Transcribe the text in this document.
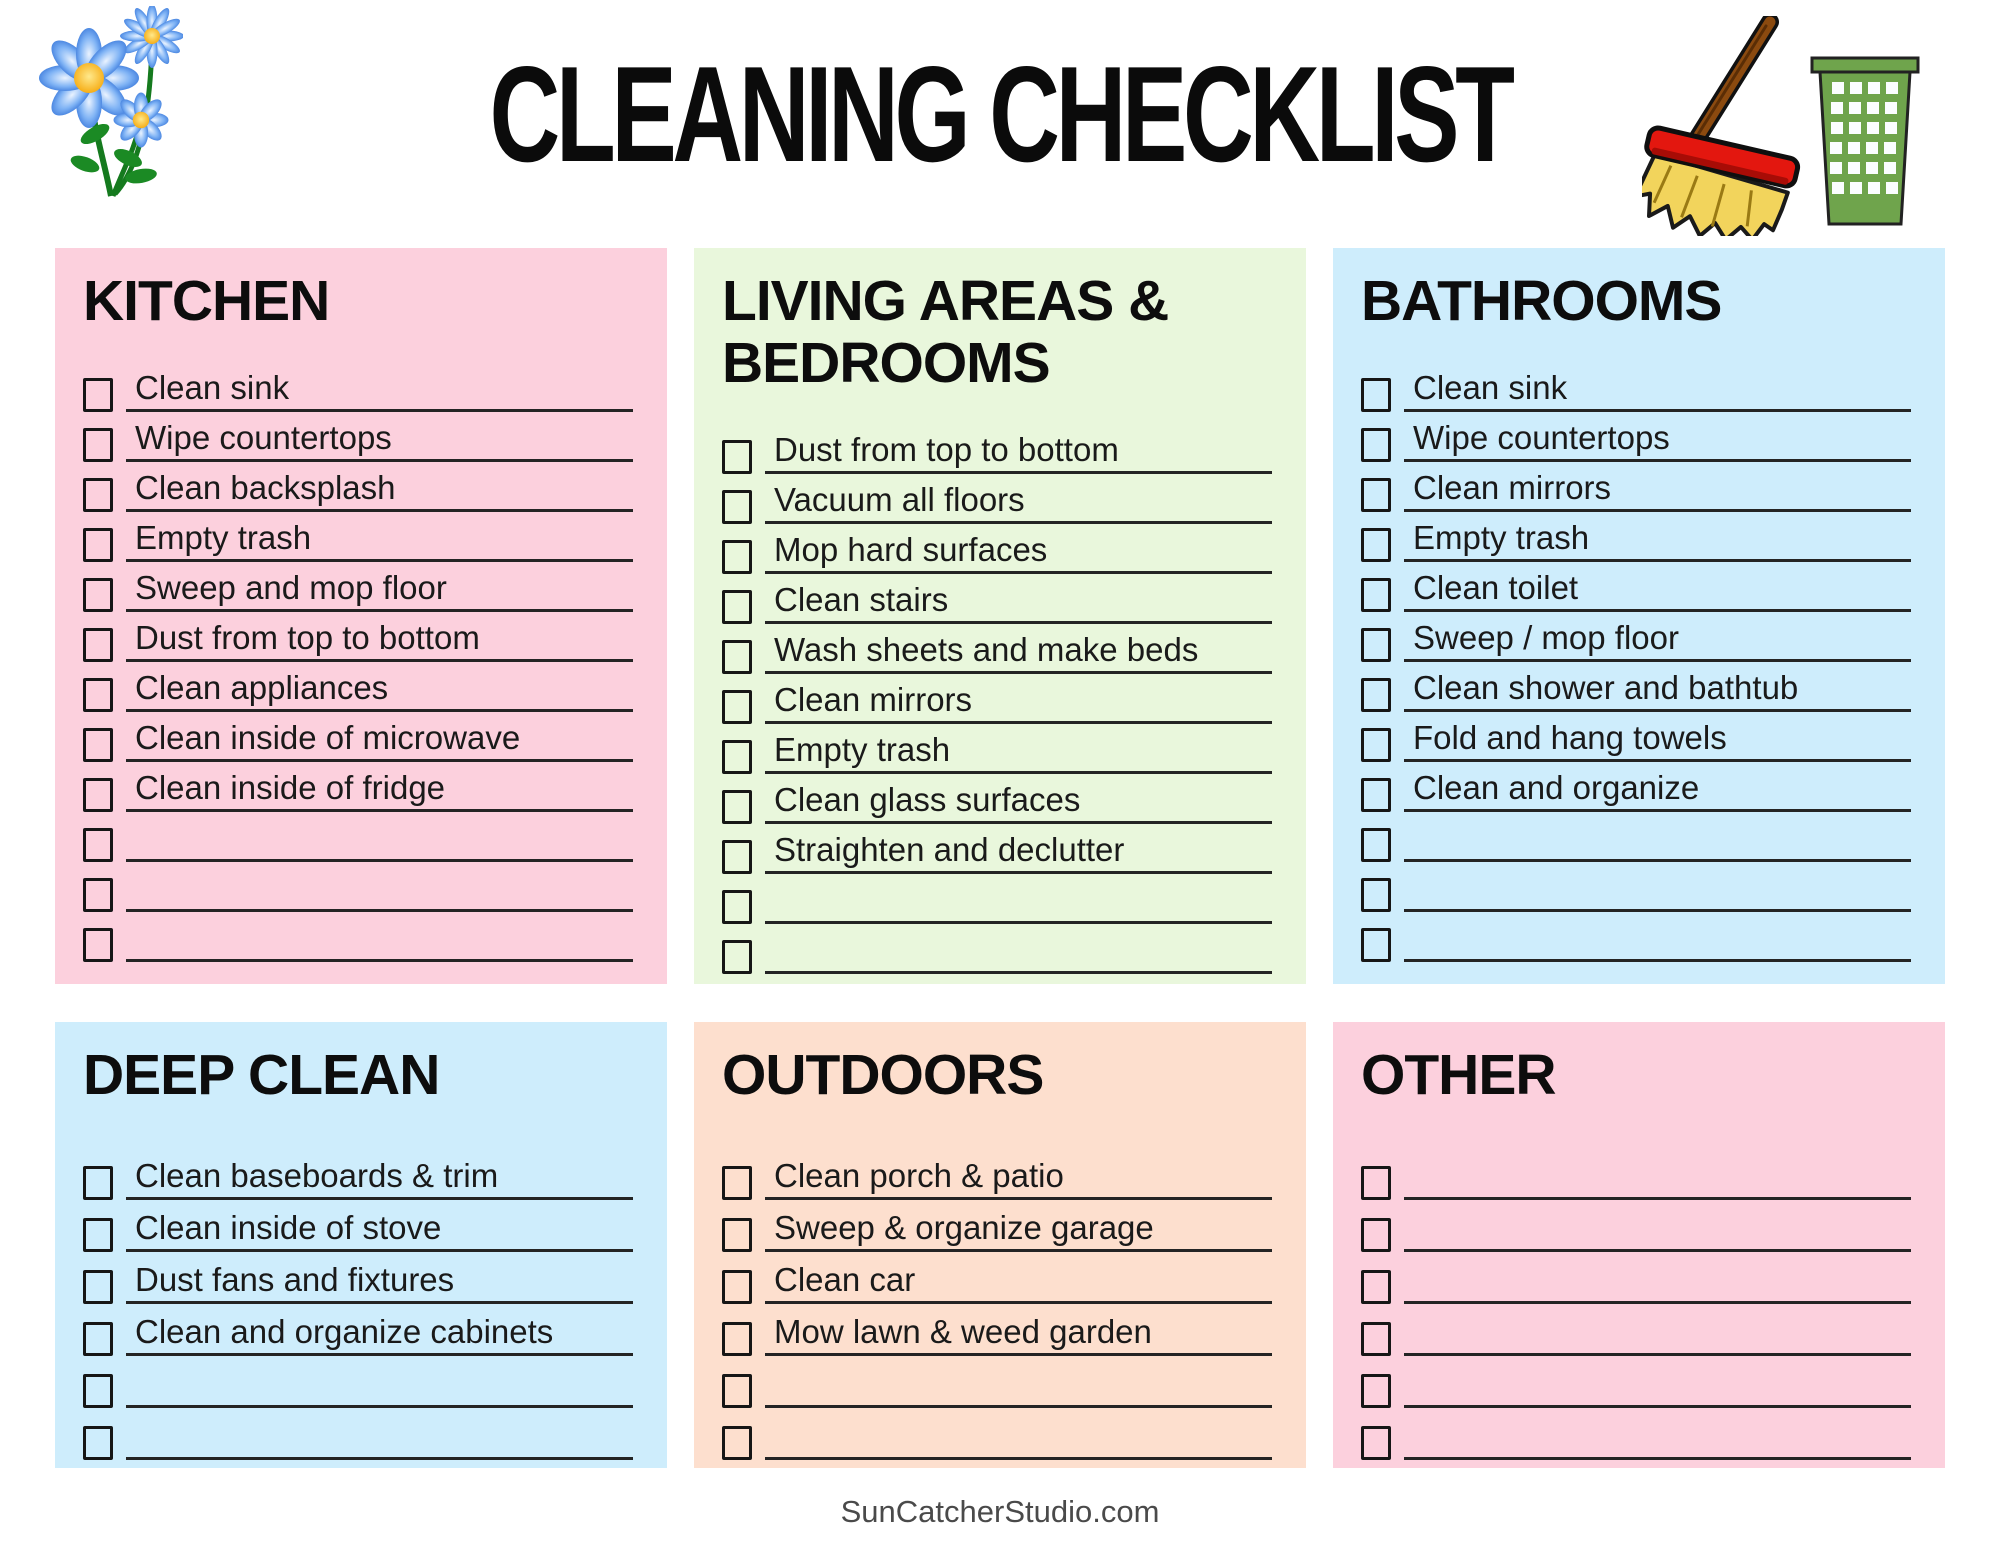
CLEANING CHECKLIST
KITCHEN
Clean sink
Wipe countertops
Clean backsplash
Empty trash
Sweep and mop floor
Dust from top to bottom
Clean appliances
Clean inside of microwave
Clean inside of fridge
LIVING AREAS & BEDROOMS
Dust from top to bottom
Vacuum all floors
Mop hard surfaces
Clean stairs
Wash sheets and make beds
Clean mirrors
Empty trash
Clean glass surfaces
Straighten and declutter
BATHROOMS
Clean sink
Wipe countertops
Clean mirrors
Empty trash
Clean toilet
Sweep / mop floor
Clean shower and bathtub
Fold and hang towels
Clean and organize
DEEP CLEAN
Clean baseboards & trim
Clean inside of stove
Dust fans and fixtures
Clean and organize cabinets
OUTDOORS
Clean porch & patio
Sweep & organize garage
Clean car
Mow lawn & weed garden
OTHER
SunCatcherStudio.com
